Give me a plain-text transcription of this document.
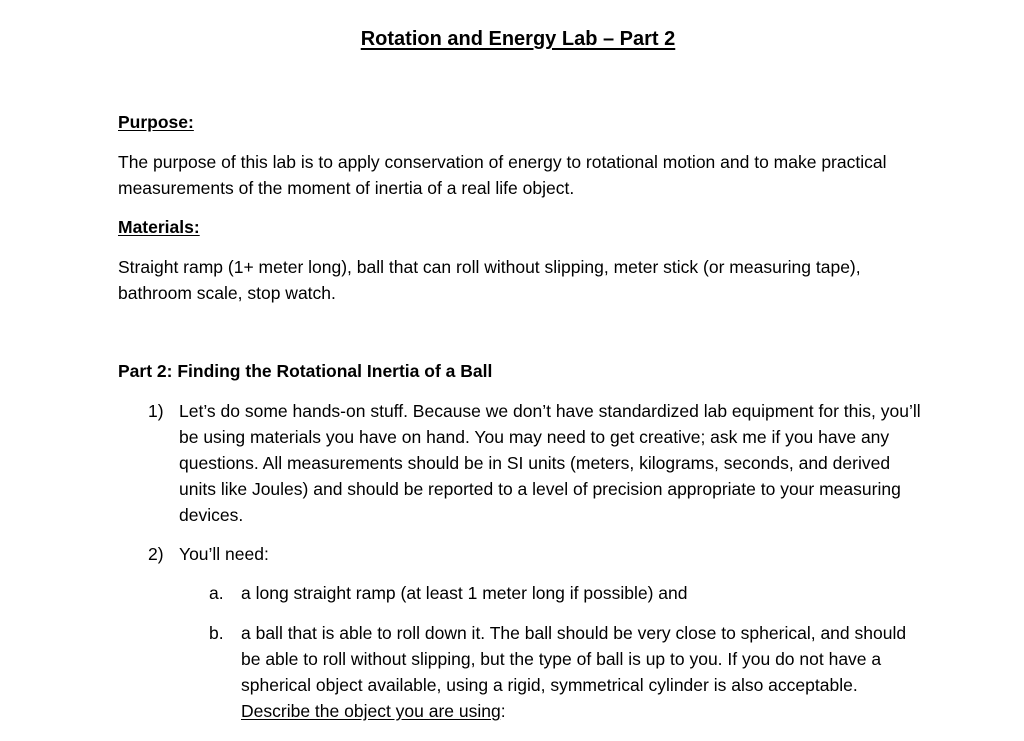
Rotation and Energy Lab – Part 2
Purpose:
The purpose of this lab is to apply conservation of energy to rotational motion and to make practical measurements of the moment of inertia of a real life object.
Materials:
Straight ramp (1+ meter long), ball that can roll without slipping, meter stick (or measuring tape), bathroom scale, stop watch.
Part 2: Finding the Rotational Inertia of a Ball
1) Let’s do some hands-on stuff. Because we don’t have standardized lab equipment for this, you’ll be using materials you have on hand. You may need to get creative; ask me if you have any questions. All measurements should be in SI units (meters, kilograms, seconds, and derived units like Joules) and should be reported to a level of precision appropriate to your measuring devices.
2) You’ll need:
a. a long straight ramp (at least 1 meter long if possible) and
b. a ball that is able to roll down it. The ball should be very close to spherical, and should be able to roll without slipping, but the type of ball is up to you. If you do not have a spherical object available, using a rigid, symmetrical cylinder is also acceptable. Describe the object you are using:
